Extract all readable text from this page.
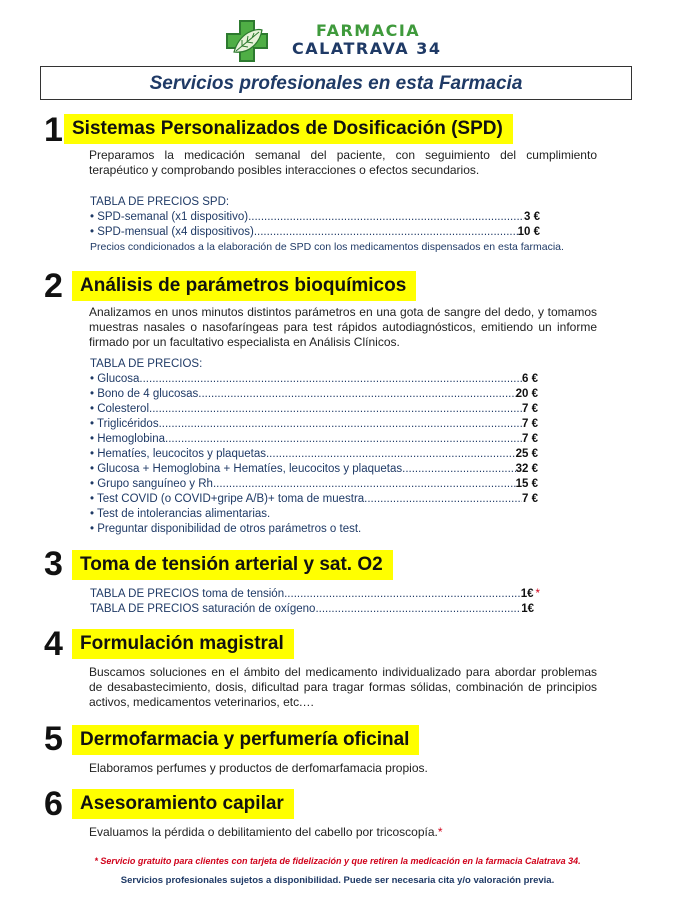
FARMACIA
CALATRAVA 34
Servicios profesionales en esta Farmacia
1 Sistemas Personalizados de Dosificación (SPD)
Preparamos la medicación semanal del paciente, con seguimiento del cumplimiento terapéutico y comprobando posibles interacciones o efectos secundarios.
TABLA DE PRECIOS SPD:
• SPD-semanal (x1 dispositivo) .....	3 €
• SPD-mensual (x4 dispositivos) .....	10 €
Precios condicionados a la elaboración de SPD con los medicamentos dispensados en esta farmacia.
2 Análisis de parámetros bioquímicos
Analizamos en unos minutos distintos parámetros en una gota de sangre del dedo, y tomamos muestras nasales o nasofaríngeas para test rápidos autodiagnósticos, emitiendo un informe firmado por un facultativo especialista en Análisis Clínicos.
TABLA DE PRECIOS:
• Glucosa .....	6 €
• Bono de 4 glucosas .....	20 €
• Colesterol .....	7 €
• Triglicéridos .....	7 €
• Hemoglobina .....	7 €
• Hematíes, leucocitos y plaquetas .....	25 €
• Glucosa + Hemoglobina + Hematíes, leucocitos y plaquetas .....	32 €
• Grupo sanguíneo y Rh .....	15 €
• Test COVID (o COVID+gripe A/B)+ toma de muestra .....	7 €
• Test de intolerancias alimentarias.
• Preguntar disponibilidad de otros parámetros o test.
3 Toma de tensión arterial y sat. O2
TABLA DE PRECIOS toma de tensión .....	1€ *
TABLA DE PRECIOS saturación de oxígeno .....	1€
4 Formulación magistral
Buscamos soluciones en el ámbito del medicamento individualizado para abordar problemas de desabastecimiento, dosis, dificultad para tragar formas sólidas, combinación de principios activos, medicamentos veterinarios, etc.…
5 Dermofarmacia y perfumería oficinal
Elaboramos perfumes y productos de derfomarfamacia propios.
6 Asesoramiento capilar
Evaluamos la pérdida o debilitamiento del cabello por tricoscopía.*
* Servicio gratuito para clientes con tarjeta de fidelización y que retiren la medicación en la farmacia Calatrava 34.
Servicios profesionales sujetos a disponibilidad. Puede ser necesaria cita y/o valoración previa.
